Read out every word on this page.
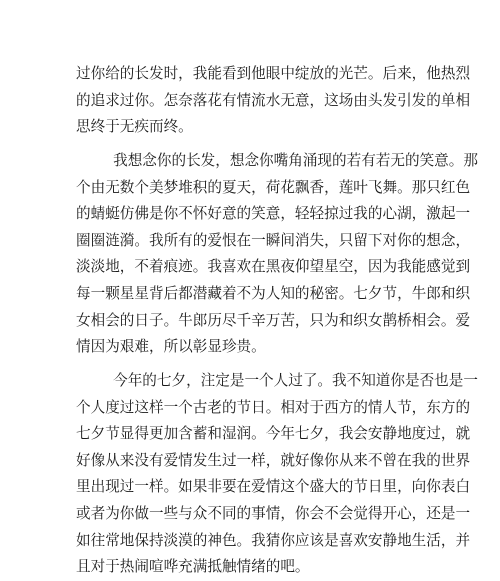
过你给的长发时，我能看到他眼中绽放的光芒。后来，他热烈
的追求过你。怎奈落花有情流水无意，这场由头发引发的单相
思终于无疾而终。
我想念你的长发，想念你嘴角涌现的若有若无的笑意。那
个由无数个美梦堆积的夏天，荷花飘香，莲叶飞舞。那只红色
的蜻蜓仿佛是你不怀好意的笑意，轻轻掠过我的心湖，激起一
圈圈涟漪。我所有的爱恨在一瞬间消失，只留下对你的想念，
淡淡地，不着痕迹。我喜欢在黑夜仰望星空，因为我能感觉到
每一颗星星背后都潜藏着不为人知的秘密。七夕节，牛郎和织
女相会的日子。牛郎历尽千辛万苦，只为和织女鹊桥相会。爱
情因为艰难，所以彰显珍贵。
今年的七夕，注定是一个人过了。我不知道你是否也是一
个人度过这样一个古老的节日。相对于西方的情人节，东方的
七夕节显得更加含蓄和湿润。今年七夕，我会安静地度过，就
好像从来没有爱情发生过一样，就好像你从来不曾在我的世界
里出现过一样。如果非要在爱情这个盛大的节日里，向你表白
或者为你做一些与众不同的事情，你会不会觉得开心，还是一
如往常地保持淡漠的神色。我猜你应该是喜欢安静地生活，并
且对于热闹喧哗充满抵触情绪的吧。
